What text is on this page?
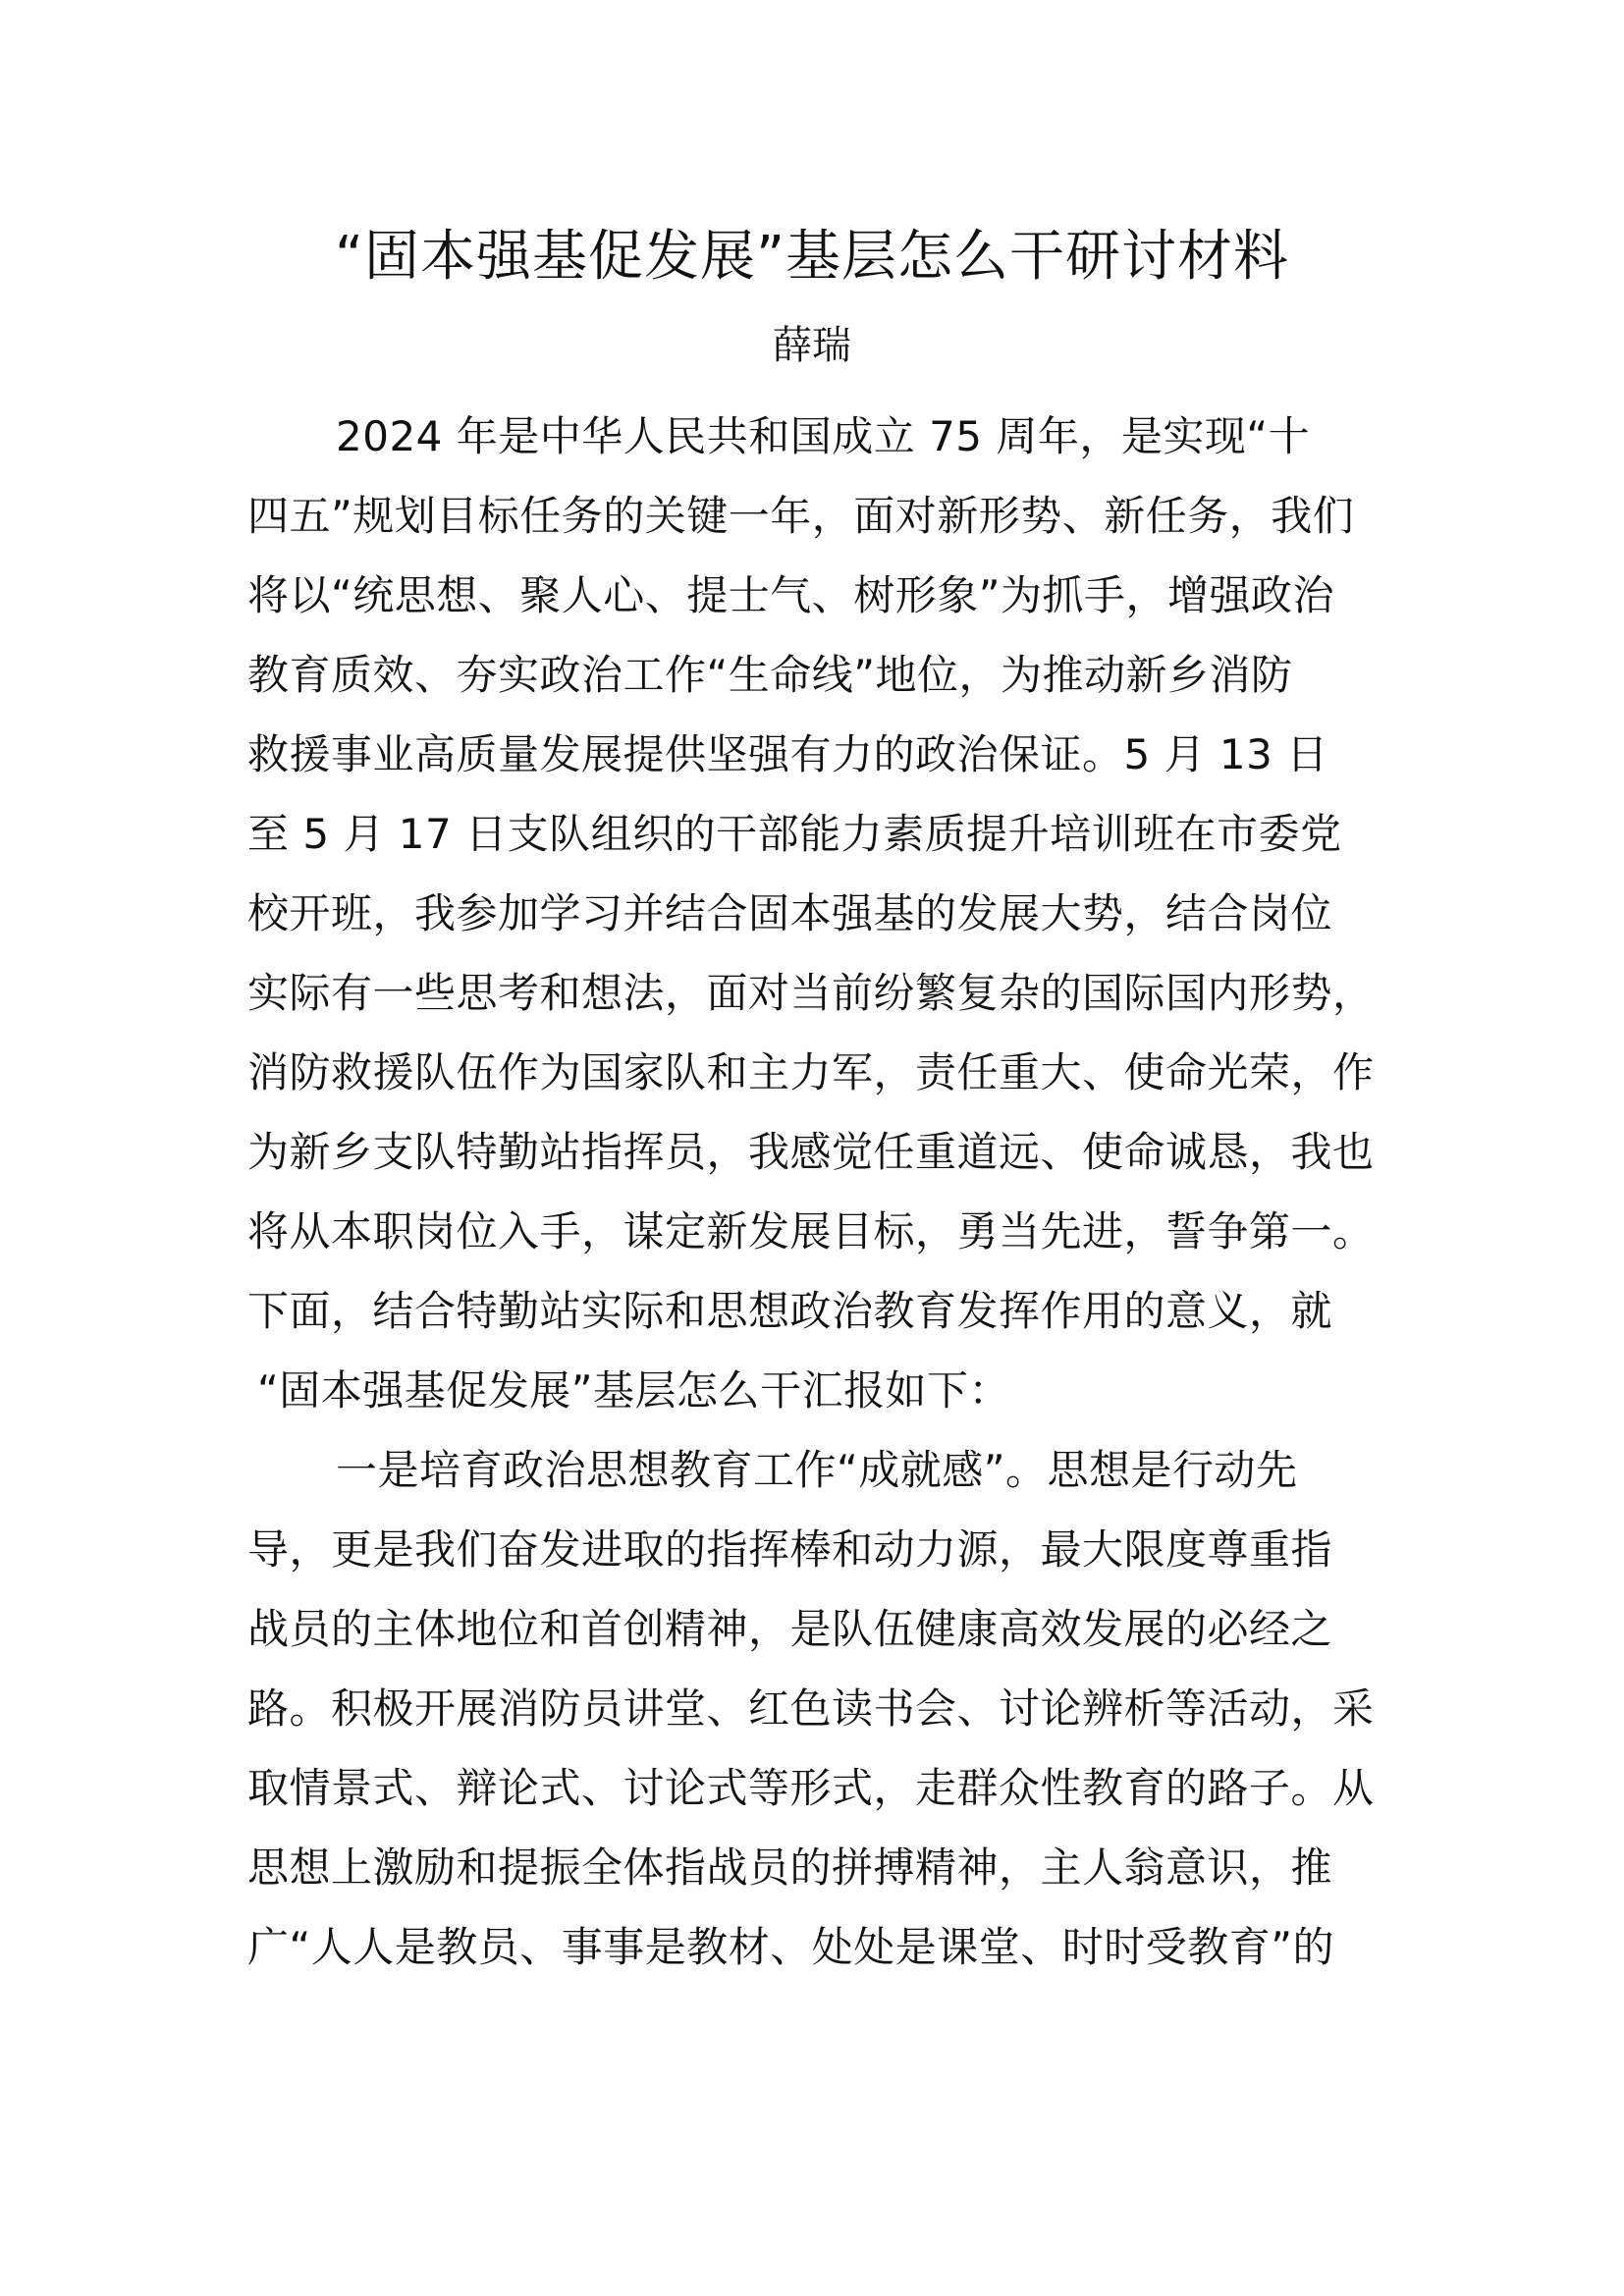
“固本强基促发展”基层怎么干研讨材料
薛瑞
2024 年是中华人民共和国成立 75 周年，是实现“十
四五”规划目标任务的关键一年，面对新形势、新任务，我们
将以“统思想、聚人心、提士气、树形象”为抓手，增强政治
教育质效、夯实政治工作“生命线”地位，为推动新乡消防
救援事业高质量发展提供坚强有力的政治保证。5 月 13 日
至 5 月 17 日支队组织的干部能力素质提升培训班在市委党
校开班，我参加学习并结合固本强基的发展大势，结合岗位
实际有一些思考和想法，面对当前纷繁复杂的国际国内形势，
消防救援队伍作为国家队和主力军，责任重大、使命光荣，作
为新乡支队特勤站指挥员，我感觉任重道远、使命诚恳，我也
将从本职岗位入手，谋定新发展目标，勇当先进，誓争第一。
下面，结合特勤站实际和思想政治教育发挥作用的意义，就
“固本强基促发展”基层怎么干汇报如下：
一是培育政治思想教育工作“成就感”。思想是行动先
导，更是我们奋发进取的指挥棒和动力源，最大限度尊重指
战员的主体地位和首创精神，是队伍健康高效发展的必经之
路。积极开展消防员讲堂、红色读书会、讨论辨析等活动，采
取情景式、辩论式、讨论式等形式，走群众性教育的路子。从
思想上激励和提振全体指战员的拼搏精神，主人翁意识，推
广“人人是教员、事事是教材、处处是课堂、时时受教育”的
